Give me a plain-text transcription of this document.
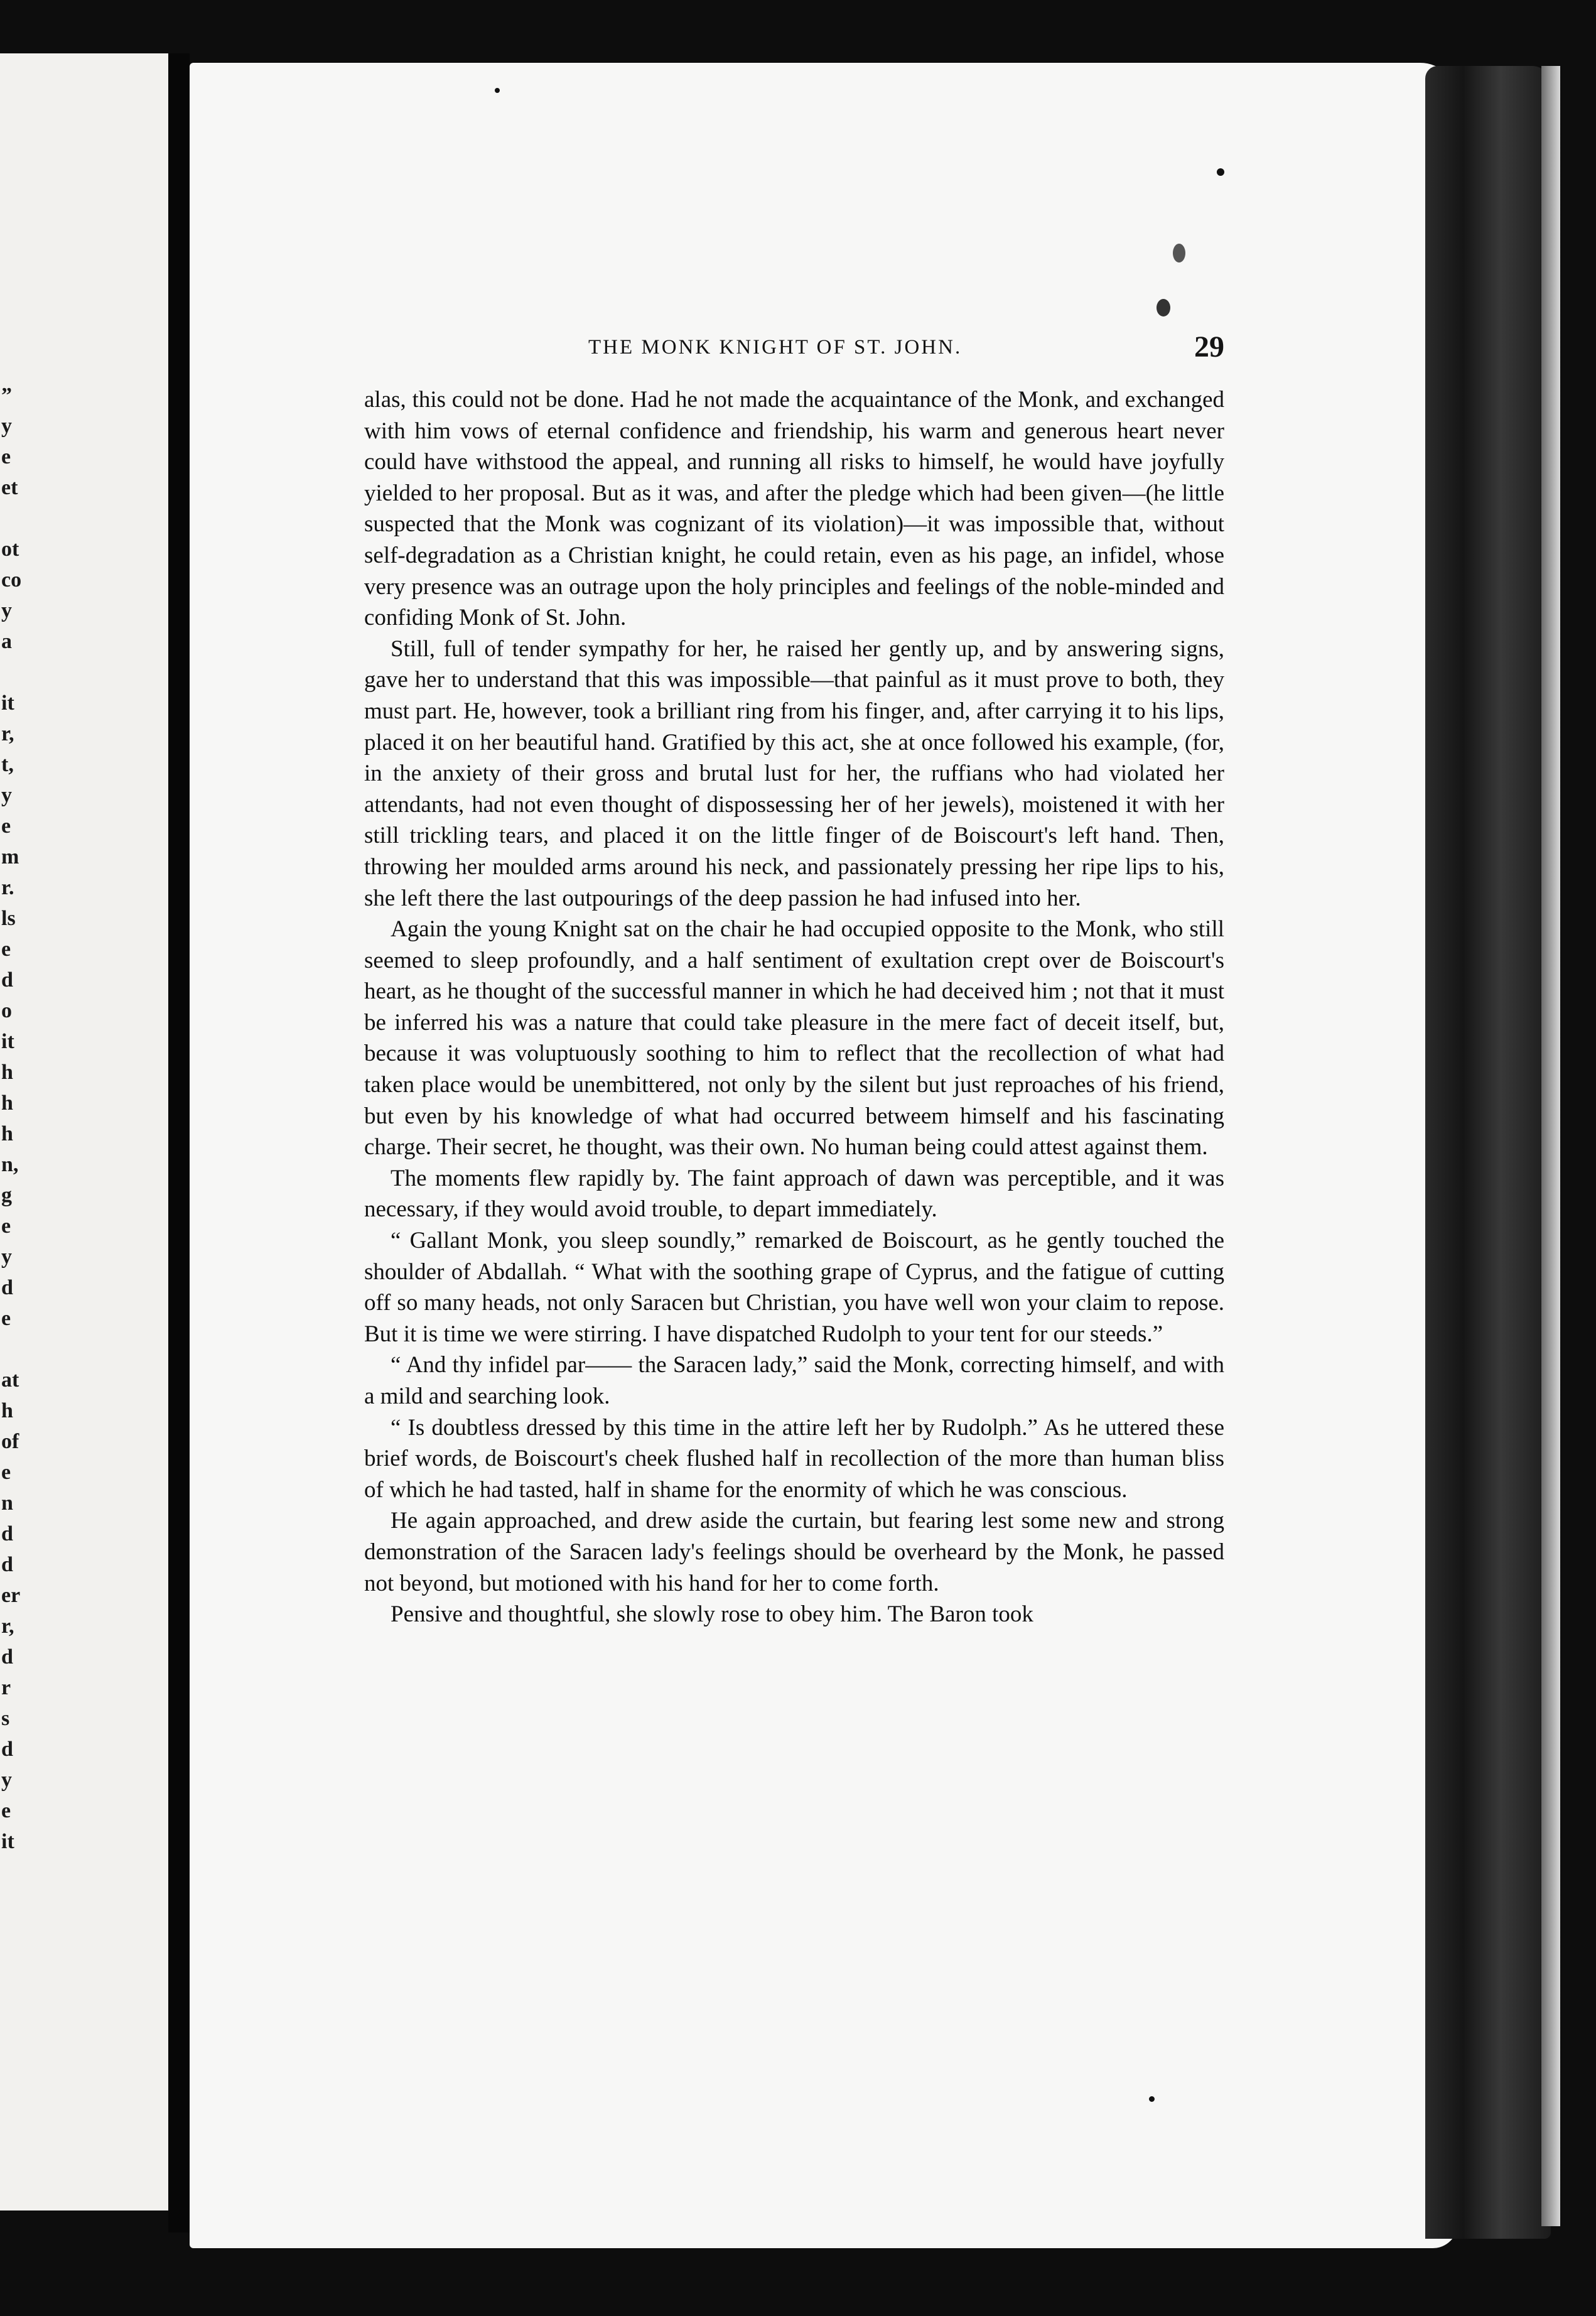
”
y
e
et
ot
co
y
a
it
r,
t,
y
e
m
r.
ls
e
d
o
it
h
h
h
n,
g
e
y
d
e
at
h
of
e
n
d
d
er
r,
d
r
s
d
y
e
it
THE MONK KNIGHT OF ST. JOHN.	29

alas, this could not be done. Had he not made the acquaintance of the Monk, and exchanged with him vows of eternal confidence and friendship, his warm and generous heart never could have withstood the appeal, and running all risks to himself, he would have joyfully yielded to her proposal. But as it was, and after the pledge which had been given—(he little suspected that the Monk was cognizant of its violation)—it was impossible that, without self-degradation as a Christian knight, he could retain, even as his page, an infidel, whose very presence was an outrage upon the holy principles and feelings of the noble-minded and confiding Monk of St. John.

Still, full of tender sympathy for her, he raised her gently up, and by answering signs, gave her to understand that this was impossible—that painful as it must prove to both, they must part. He, however, took a brilliant ring from his finger, and, after carrying it to his lips, placed it on her beautiful hand. Gratified by this act, she at once followed his example, (for, in the anxiety of their gross and brutal lust for her, the ruffians who had violated her attendants, had not even thought of dispossessing her of her jewels), moistened it with her still trickling tears, and placed it on the little finger of de Boiscourt's left hand. Then, throwing her moulded arms around his neck, and passionately pressing her ripe lips to his, she left there the last outpourings of the deep passion he had infused into her.

Again the young Knight sat on the chair he had occupied opposite to the Monk, who still seemed to sleep profoundly, and a half sentiment of exultation crept over de Boiscourt's heart, as he thought of the successful manner in which he had deceived him ; not that it must be inferred his was a nature that could take pleasure in the mere fact of deceit itself, but, because it was voluptuously soothing to him to reflect that the recollection of what had taken place would be unembittered, not only by the silent but just reproaches of his friend, but even by his knowledge of what had occurred betweem himself and his fascinating charge. Their secret, he thought, was their own. No human being could attest against them.

The moments flew rapidly by. The faint approach of dawn was perceptible, and it was necessary, if they would avoid trouble, to depart immediately.

“ Gallant Monk, you sleep soundly,” remarked de Boiscourt, as he gently touched the shoulder of Abdallah. “ What with the soothing grape of Cyprus, and the fatigue of cutting off so many heads, not only Saracen but Christian, you have well won your claim to repose. But it is time we were stirring. I have dispatched Rudolph to your tent for our steeds.”

“ And thy infidel par—— the Saracen lady,” said the Monk, correcting himself, and with a mild and searching look.

“ Is doubtless dressed by this time in the attire left her by Rudolph.” As he uttered these brief words, de Boiscourt's cheek flushed half in recollection of the more than human bliss of which he had tasted, half in shame for the enormity of which he was conscious.

He again approached, and drew aside the curtain, but fearing lest some new and strong demonstration of the Saracen lady's feelings should be overheard by the Monk, he passed not beyond, but motioned with his hand for her to come forth.

Pensive and thoughtful, she slowly rose to obey him. The Baron took
